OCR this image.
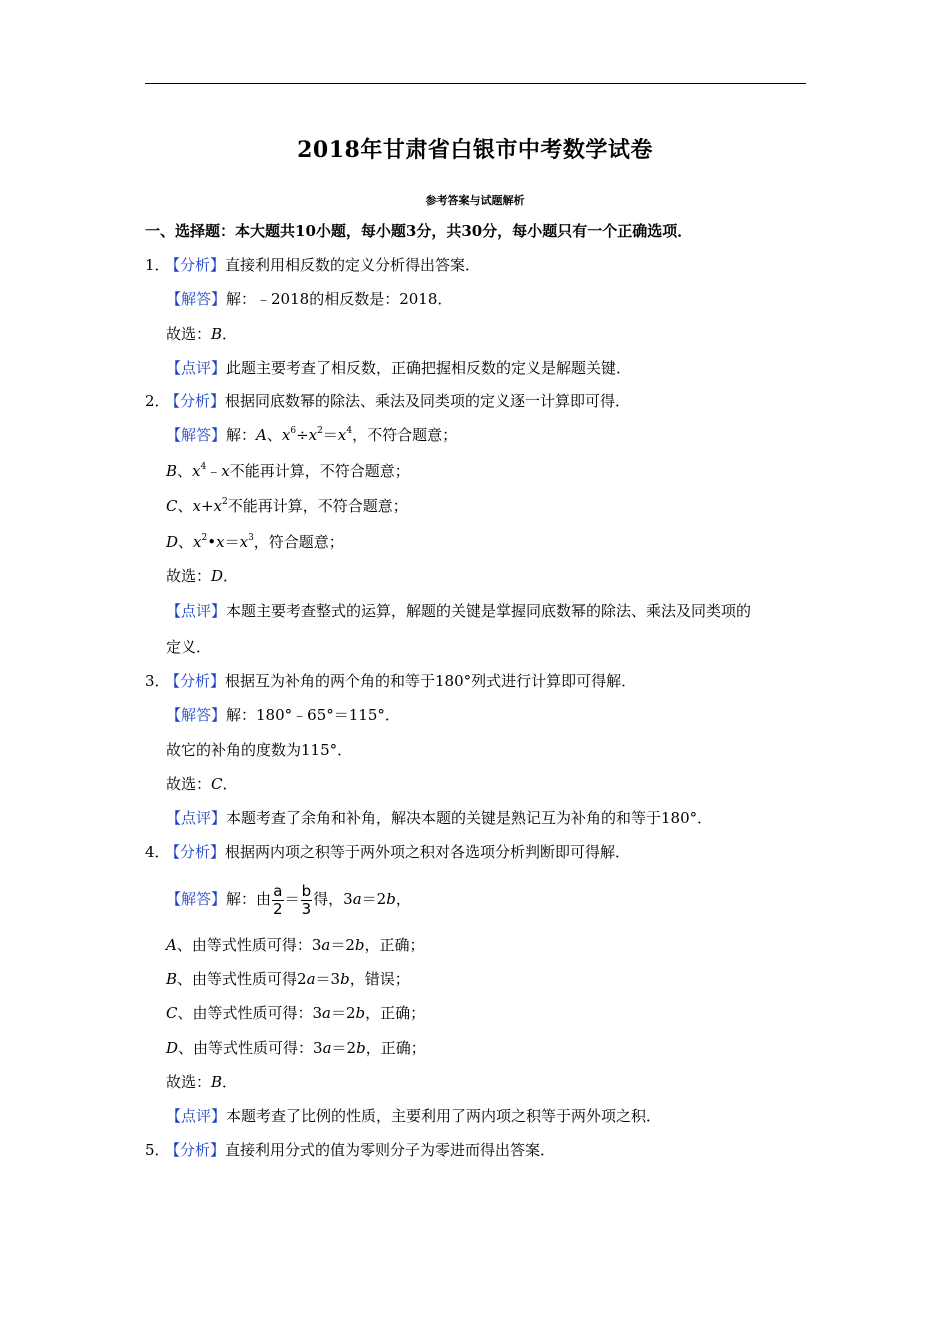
2018年甘肃省白银市中考数学试卷
参考答案与试题解析
一、选择题：本大题共10小题，每小题3分，共30分，每小题只有一个正确选项．
1．【分析】直接利用相反数的定义分析得出答案．
【解答】解：﹣2018的相反数是：2018．
故选：B．
【点评】此题主要考查了相反数，正确把握相反数的定义是解题关键．
2．【分析】根据同底数幂的除法、乘法及同类项的定义逐一计算即可得．
【解答】解：A、$x^6\div x^2=x^4$，不符合题意；
B、$x^4﹣x$不能再计算，不符合题意；
C、$x+x^2$不能再计算，不符合题意；
D、$x^2•x=x^3$，符合题意；
故选：D．
【点评】本题主要考查整式的运算，解题的关键是掌握同底数幂的除法、乘法及同类项的
定义．
3．【分析】根据互为补角的两个角的和等于180°列式进行计算即可得解．
【解答】解：180°﹣65°＝115°．
故它的补角的度数为115°．
故选：C．
【点评】本题考查了余角和补角，解决本题的关键是熟记互为补角的和等于180°．
4．【分析】根据两内项之积等于两外项之积对各选项分析判断即可得解．
【解答】解：由 $\frac{a}{2} = \frac{b}{3}$ 得，3a＝2b，
A、由等式性质可得：3a＝2b，正确；
B、由等式性质可得2a＝3b，错误；
C、由等式性质可得：3a＝2b，正确；
D、由等式性质可得：3a＝2b，正确；
故选：B．
【点评】本题考查了比例的性质，主要利用了两内项之积等于两外项之积．
5．【分析】直接利用分式的值为零则分子为零进而得出答案．
